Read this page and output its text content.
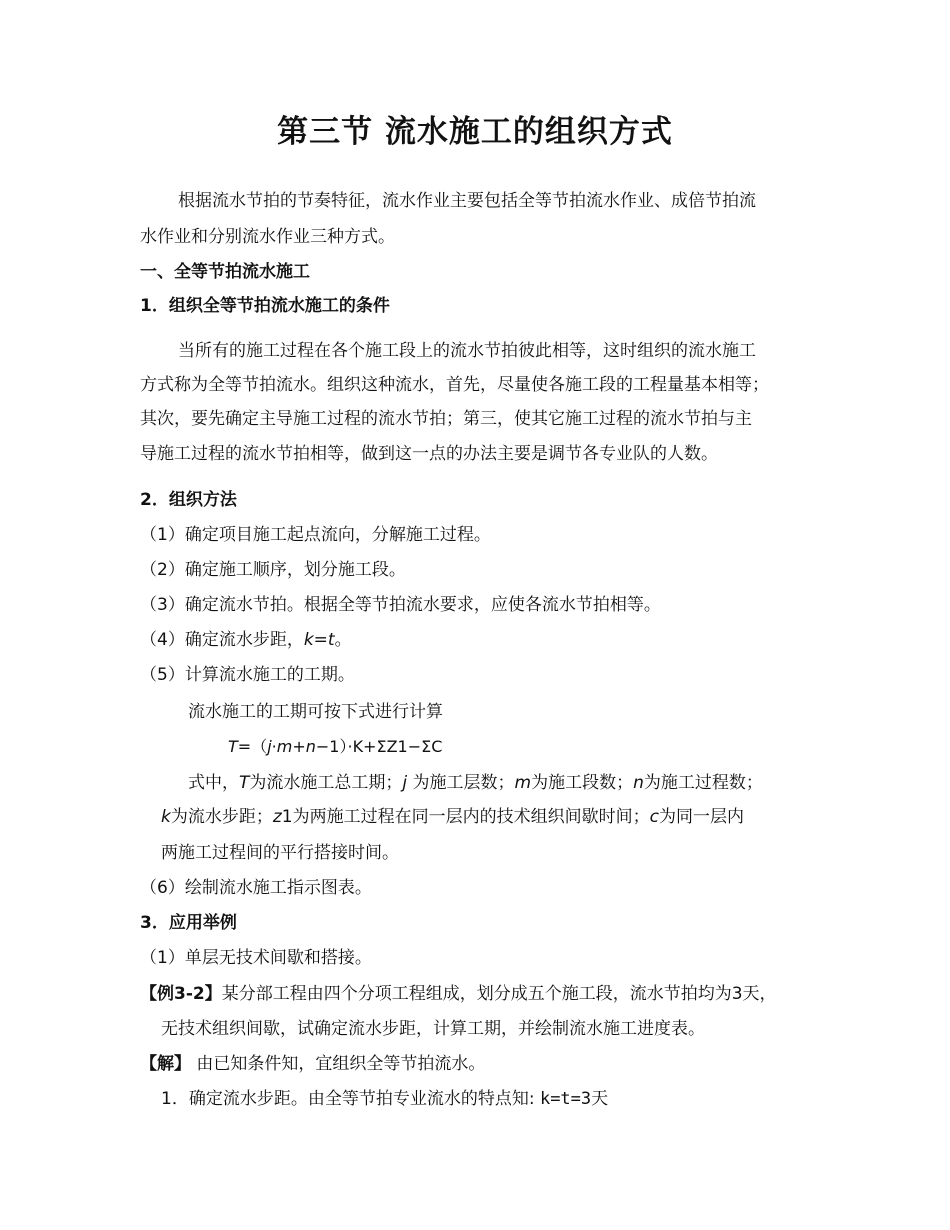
第三节 流水施工的组织方式
根据流水节拍的节奏特征，流水作业主要包括全等节拍流水作业、成倍节拍流
水作业和分别流水作业三种方式。
一、全等节拍流水施工
1．组织全等节拍流水施工的条件
当所有的施工过程在各个施工段上的流水节拍彼此相等，这时组织的流水施工
方式称为全等节拍流水。组织这种流水，首先，尽量使各施工段的工程量基本相等；
其次，要先确定主导施工过程的流水节拍；第三，使其它施工过程的流水节拍与主
导施工过程的流水节拍相等，做到这一点的办法主要是调节各专业队的人数。
2．组织方法
（1）确定项目施工起点流向，分解施工过程。
（2）确定施工顺序，划分施工段。
（3）确定流水节拍。根据全等节拍流水要求，应使各流水节拍相等。
（4）确定流水步距，k=t。
（5）计算流水施工的工期。
流水施工的工期可按下式进行计算
T=（j·m+n−1）·K+ΣZ1−ΣC
式中，T为流水施工总工期；j 为施工层数；m为施工段数；n为施工过程数；
k为流水步距；z1为两施工过程在同一层内的技术组织间歇时间；c为同一层内
两施工过程间的平行搭接时间。
（6）绘制流水施工指示图表。
3．应用举例
（1）单层无技术间歇和搭接。
【例3-2】某分部工程由四个分项工程组成，划分成五个施工段，流水节拍均为3天，
无技术组织间歇，试确定流水步距，计算工期，并绘制流水施工进度表。
【解】 由已知条件知，宜组织全等节拍流水。
1．确定流水步距。由全等节拍专业流水的特点知: k=t=3天
